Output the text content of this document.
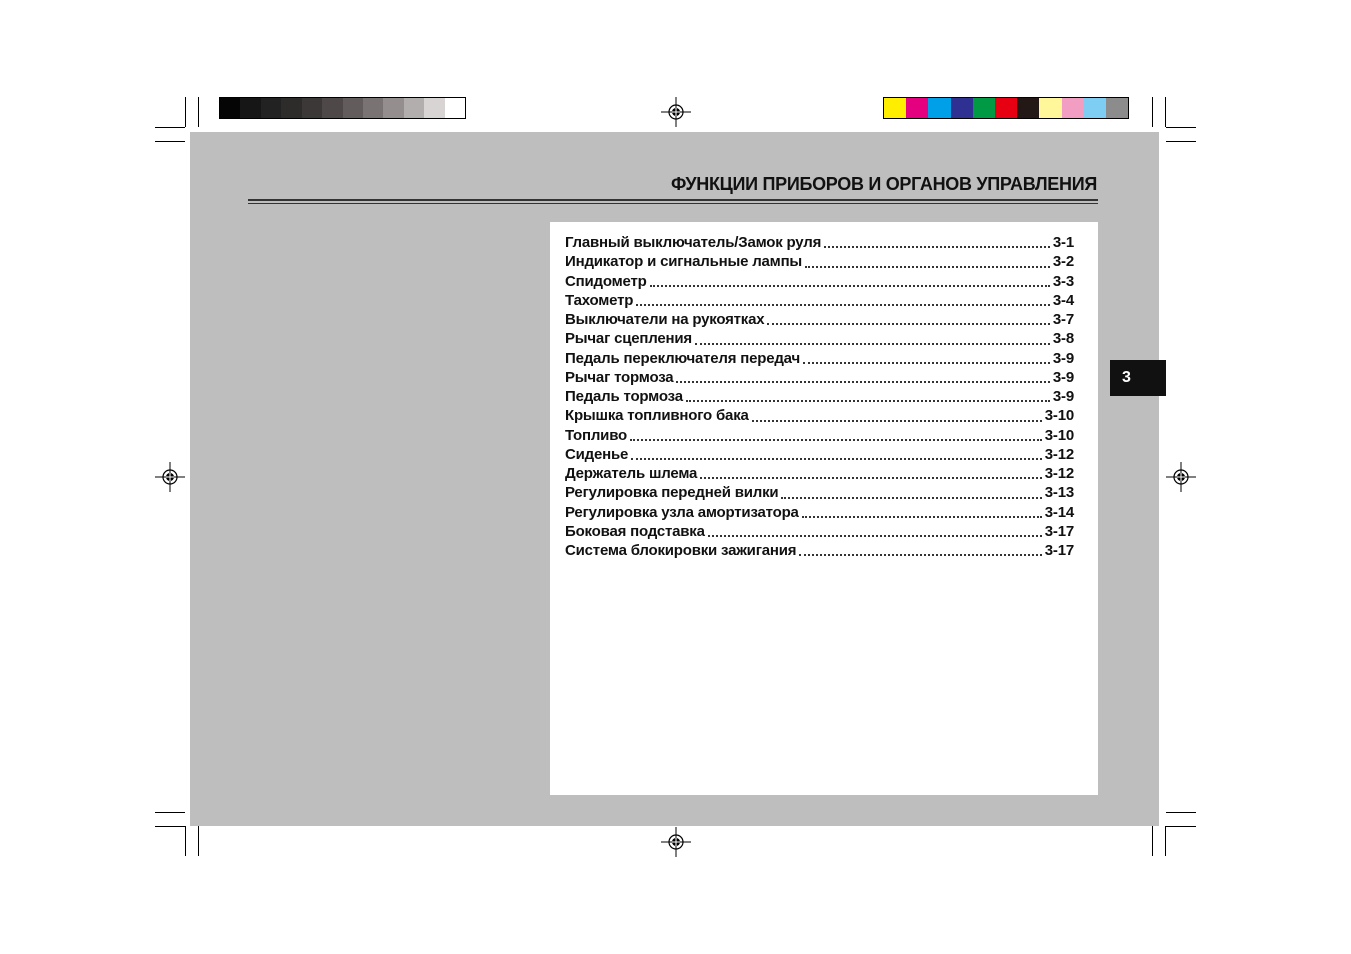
ФУНКЦИИ ПРИБОРОВ И ОРГАНОВ УПРАВЛЕНИЯ
Главный выключатель/Замок руля	3-1
Индикатор и сигнальные лампы	3-2
Спидометр	3-3
Тахометр	3-4
Выключатели на рукоятках	3-7
Рычаг сцепления	3-8
Педаль переключателя передач	3-9
Рычаг тормоза	3-9
Педаль тормоза	3-9
Крышка топливного бака	3-10
Топливо	3-10
Сиденье	3-12
Держатель шлема	3-12
Регулировка передней вилки	3-13
Регулировка узла амортизатора	3-14
Боковая подставка	3-17
Система блокировки зажигания	3-17
3
